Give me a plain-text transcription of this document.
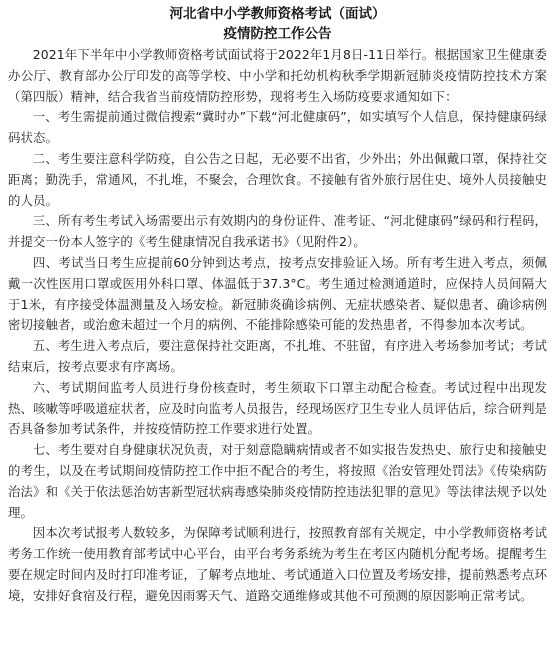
河北省中小学教师资格考试（面试）
疫情防控工作公告

2021年下半年中小学教师资格考试面试将于2022年1月8日-11日举行。根据国家卫生健康委办公厅、教育部办公厅印发的高等学校、中小学和托幼机构秋季学期新冠肺炎疫情防控技术方案（第四版）精神，结合我省当前疫情防控形势，现将考生入场防疫要求通知如下：

一、考生需提前通过微信搜索“冀时办”下载“河北健康码”，如实填写个人信息，保持健康码绿码状态。

二、考生要注意科学防疫，自公告之日起，无必要不出省，少外出；外出佩戴口罩，保持社交距离；勤洗手，常通风，不扎堆，不聚会，合理饮食。不接触有省外旅行居住史、境外人员接触史的人员。

三、所有考生考试入场需要出示有效期内的身份证件、准考证、“河北健康码”绿码和行程码，并提交一份本人签字的《考生健康情况自我承诺书》（见附件2）。

四、考试当日考生应提前60分钟到达考点，按考点安排验证入场。所有考生进入考点，须佩戴一次性医用口罩或医用外科口罩、体温低于37.3°C。考生通过检测通道时，应保持人员间隔大于1米，有序接受体温测量及入场安检。新冠肺炎确诊病例、无症状感染者、疑似患者、确诊病例密切接触者，或治愈未超过一个月的病例、不能排除感染可能的发热患者，不得参加本次考试。

五、考生进入考点后，要注意保持社交距离，不扎堆、不驻留，有序进入考场参加考试；考试结束后，按考点要求有序离场。

六、考试期间监考人员进行身份核查时，考生须取下口罩主动配合检查。考试过程中出现发热、咳嗽等呼吸道症状者，应及时向监考人员报告，经现场医疗卫生专业人员评估后，综合研判是否具备参加考试条件，并按疫情防控工作要求进行处置。

七、考生要对自身健康状况负责，对于刻意隐瞒病情或者不如实报告发热史、旅行史和接触史的考生，以及在考试期间疫情防控工作中拒不配合的考生，将按照《治安管理处罚法》《传染病防治法》和《关于依法惩治妨害新型冠状病毒感染肺炎疫情防控违法犯罪的意见》等法律法规予以处理。

因本次考试报考人数较多，为保障考试顺利进行，按照教育部有关规定，中小学教师资格考试考务工作统一使用教育部考试中心平台，由平台考务系统为考生在考区内随机分配考场。提醒考生要在规定时间内及时打印准考证，了解考点地址、考试通道入口位置及考场安排，提前熟悉考点环境，安排好食宿及行程，避免因雨雾天气、道路交通维修或其他不可预测的原因影响正常考试。
